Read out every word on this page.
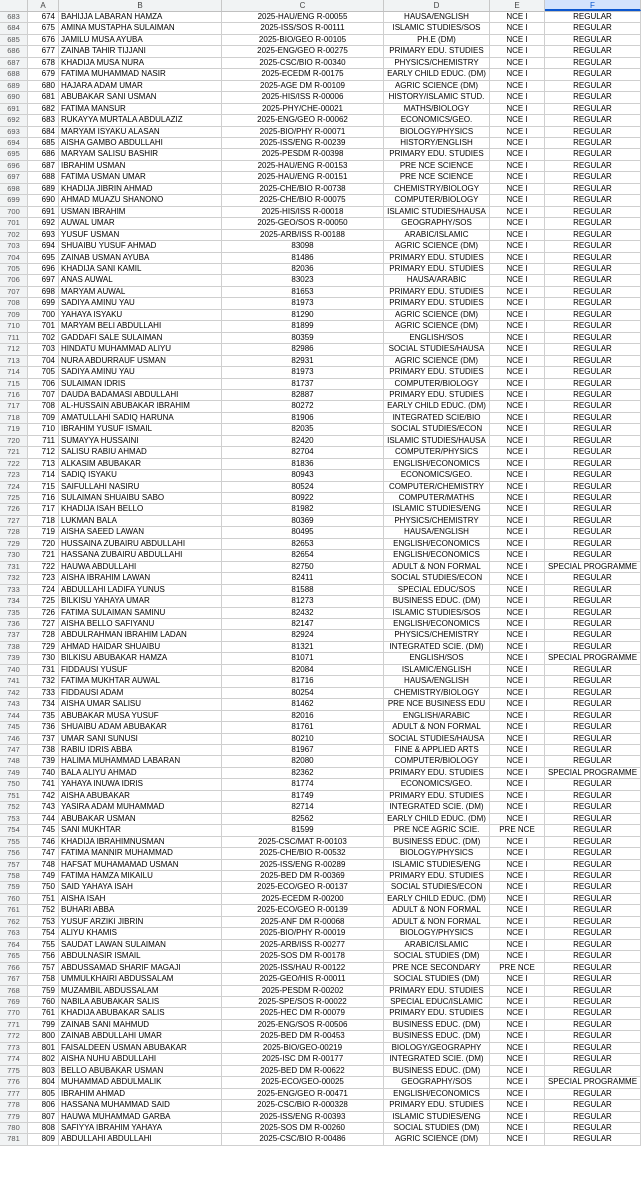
A	B	C	D	E	F
683	674 BAHIJJA LABARAN HAMZA	2025-HAU/ENG R-00055	HAUSA/ENGLISH	NCE I	REGULAR
684	675 AMINA MUSTAPHA SULAIMAN	2025-ISS/SOS R-00111	ISLAMIC STUDIES/SOS	NCE I	REGULAR
685	676 JAMILU MUSA AYUBA	2025-BIO/GEO R-00105	PH.E (DM)	NCE I	REGULAR
686	677 ZAINAB TAHIR TIJJANI	2025-ENG/GEO R-00275	PRIMARY EDU. STUDIES	NCE I	REGULAR
687	678 KHADIJA MUSA NURA	2025-CSC/BIO R-00340	PHYSICS/CHEMISTRY	NCE I	REGULAR
688	679 FATIMA MUHAMMAD NASIR	2025-ECEDM R-00175	EARLY CHILD EDUC. (DM)	NCE I	REGULAR
689	680 HAJARA ADAM UMAR	2025-AGE DM R-00109	AGRIC SCIENCE (DM)	NCE I	REGULAR
690	681 ABUBAKAR SANI USMAN	2025-HIS/ISS R-00006	HISTORY/ISLAMIC STUD.	NCE I	REGULAR
691	682 FATIMA MANSUR	2025-PHY/CHE-00021	MATHS/BIOLOGY	NCE I	REGULAR
692	683 RUKAYYA MURTALA ABDULAZIZ	2025-ENG/GEO R-00062	ECONOMICS/GEO.	NCE I	REGULAR
693	684 MARYAM ISYAKU ALASAN	2025-BIO/PHY R-00071	BIOLOGY/PHYSICS	NCE I	REGULAR
694	685 AISHA GAMBO ABDULLAHI	2025-ISS/ENG R-00239	HISTORY/ENGLISH	NCE I	REGULAR
695	686 MARYAM SALISU BASHIR	2025-PESDM R-00398	PRIMARY EDU. STUDIES	NCE I	REGULAR
696	687 IBRAHIM USMAN	2025-HAU/ENG R-00153	PRE NCE SCIENCE	NCE I	REGULAR
697	688 FATIMA USMAN UMAR	2025-HAU/ENG R-00151	PRE NCE SCIENCE	NCE I	REGULAR
698	689 KHADIJA JIBRIN AHMAD	2025-CHE/BIO R-00738	CHEMISTRY/BIOLOGY	NCE I	REGULAR
699	690 AHMAD MUAZU SHANONO	2025-CHE/BIO R-00075	COMPUTER/BIOLOGY	NCE I	REGULAR
700	691 USMAN IBRAHIM	2025-HIS/ISS R-00018	ISLAMIC STUDIES/HAUSA	NCE I	REGULAR
701	692 AUWAL UMAR	2025-GEO/SOS R-00050	GEOGRAPHY/SOS	NCE I	REGULAR
702	693 YUSUF USMAN	2025-ARB/ISS R-00188	ARABIC/ISLAMIC	NCE I	REGULAR
703	694 SHUAIBU YUSUF AHMAD	83098	AGRIC SCIENCE (DM)	NCE I	REGULAR
704	695 ZAINAB USMAN AYUBA	81486	PRIMARY EDU. STUDIES	NCE I	REGULAR
705	696 KHADIJA SANI KAMIL	82036	PRIMARY EDU. STUDIES	NCE I	REGULAR
706	697 ANAS AUWAL	83023	HAUSA/ARABIC	NCE I	REGULAR
707	698 MARYAM AUWAL	81653	PRIMARY EDU. STUDIES	NCE I	REGULAR
708	699 SADIYA AMINU YAU	81973	PRIMARY EDU. STUDIES	NCE I	REGULAR
709	700 YAHAYA ISYAKU	81290	AGRIC SCIENCE (DM)	NCE I	REGULAR
710	701 MARYAM BELI ABDULLAHI	81899	AGRIC SCIENCE (DM)	NCE I	REGULAR
711	702 GADDAFI SALE SULAIMAN	80359	ENGLISH/SOS	NCE I	REGULAR
712	703 HINDATU MUHAMMAD ALIYU	82986	SOCIAL STUDIES/HAUSA	NCE I	REGULAR
713	704 NURA ABDURRAUF USMAN	82931	AGRIC SCIENCE (DM)	NCE I	REGULAR
714	705 SADIYA AMINU YAU	81973	PRIMARY EDU. STUDIES	NCE I	REGULAR
715	706 SULAIMAN IDRIS	81737	COMPUTER/BIOLOGY	NCE I	REGULAR
716	707 DAUDA BADAMASI ABDULLAHI	82887	PRIMARY EDU. STUDIES	NCE I	REGULAR
717	708 AL-HUSSAIN ABUBAKAR IBRAHIM	80272	EARLY CHILD EDUC. (DM)	NCE I	REGULAR
718	709 AMATULLAHI SADIQ HARUNA	81906	INTEGRATED SCIE/BIO	NCE I	REGULAR
719	710 IBRAHIM YUSUF ISMAIL	82035	SOCIAL STUDIES/ECON	NCE I	REGULAR
720	711 SUMAYYA HUSSAINI	82420	ISLAMIC STUDIES/HAUSA	NCE I	REGULAR
721	712 SALISU RABIU AHMAD	82704	COMPUTER/PHYSICS	NCE I	REGULAR
722	713 ALKASIM ABUBAKAR	81836	ENGLISH/ECONOMICS	NCE I	REGULAR
723	714 SADIQ ISYAKU	80943	ECONOMICS/GEO.	NCE I	REGULAR
724	715 SAIFULLAHI NASIRU	80524	COMPUTER/CHEMISTRY	NCE I	REGULAR
725	716 SULAIMAN SHUAIBU SABO	80922	COMPUTER/MATHS	NCE I	REGULAR
726	717 KHADIJA ISAH BELLO	81982	ISLAMIC STUDIES/ENG	NCE I	REGULAR
727	718 LUKMAN BALA	80369	PHYSICS/CHEMISTRY	NCE I	REGULAR
728	719 AISHA SAEED LAWAN	80495	HAUSA/ENGLISH	NCE I	REGULAR
729	720 HUSSAINA ZUBAIRU ABDULLAHI	82653	ENGLISH/ECONOMICS	NCE I	REGULAR
730	721 HASSANA ZUBAIRU ABDULLAHI	82654	ENGLISH/ECONOMICS	NCE I	REGULAR
731	722 HAUWA ABDULLAHI	82750	ADULT & NON FORMAL	NCE I	SPECIAL PROGRAMME
732	723 AISHA IBRAHIM LAWAN	82411	SOCIAL STUDIES/ECON	NCE I	REGULAR
733	724 ABDULLAHI LADIFA YUNUS	81588	SPECIAL EDUC/SOS	NCE I	REGULAR
734	725 BILKISU YAHAYA UMAR	81273	BUSINESS EDUC. (DM)	NCE I	REGULAR
735	726 FATIMA SULAIMAN SAMINU	82432	ISLAMIC STUDIES/SOS	NCE I	REGULAR
736	727 AISHA BELLO SAFIYANU	82147	ENGLISH/ECONOMICS	NCE I	REGULAR
737	728 ABDULRAHMAN IBRAHIM LADAN	82924	PHYSICS/CHEMISTRY	NCE I	REGULAR
738	729 AHMAD HAIDAR SHUAIBU	81321	INTEGRATED SCIE. (DM)	NCE I	REGULAR
739	730 BILKISU ABUBAKAR HAMZA	81071	ENGLISH/SOS	NCE I	SPECIAL PROGRAMME
740	731 FIDDAUSI YUSUF	82084	ISLAMIC/ENGLISH	NCE I	REGULAR
741	732 FATIMA MUKHTAR AUWAL	81716	HAUSA/ENGLISH	NCE I	REGULAR
742	733 FIDDAUSI ADAM	80254	CHEMISTRY/BIOLOGY	NCE I	REGULAR
743	734 AISHA UMAR SALISU	81462	PRE NCE BUSINESS EDU	NCE I	REGULAR
744	735 ABUBAKAR MUSA YUSUF	82016	ENGLISH/ARABIC	NCE I	REGULAR
745	736 SHUAIBU ADAM ABUBAKAR	81761	ADULT & NON FORMAL	NCE I	REGULAR
746	737 UMAR SANI SUNUSI	80210	SOCIAL STUDIES/HAUSA	NCE I	REGULAR
747	738 RABIU IDRIS ABBA	81967	FINE & APPLIED ARTS	NCE I	REGULAR
748	739 HALIMA MUHAMMAD LABARAN	82080	COMPUTER/BIOLOGY	NCE I	REGULAR
749	740 BALA ALIYU AHMAD	82362	PRIMARY EDU. STUDIES	NCE I	SPECIAL PROGRAMME
750	741 YAHAYA INUWA IDRIS	81774	ECONOMICS/GEO.	NCE I	REGULAR
751	742 AISHA ABUBAKAR	81749	PRIMARY EDU. STUDIES	NCE I	REGULAR
752	743 YASIRA ADAM MUHAMMAD	82714	INTEGRATED SCIE. (DM)	NCE I	REGULAR
753	744 ABUBAKAR USMAN	82562	EARLY CHILD EDUC. (DM)	NCE I	REGULAR
754	745 SANI MUKHTAR	81599	PRE NCE AGRIC SCIE.	PRE NCE	REGULAR
755	746 KHADIJA IBRAHIMNUSMAN	2025-CSC/MAT R-00103	BUSINESS EDUC. (DM)	NCE I	REGULAR
756	747 FATIMA MANNIR MUHAMMAD	2025-CHE/BIO R-00532	BIOLOGY/PHYSICS	NCE I	REGULAR
757	748 HAFSAT MUHAMAMAD USMAN	2025-ISS/ENG R-00289	ISLAMIC STUDIES/ENG	NCE I	REGULAR
758	749 FATIMA HAMZA MIKAILU	2025-BED DM R-00369	PRIMARY EDU. STUDIES	NCE I	REGULAR
759	750 SAID YAHAYA ISAH	2025-ECO/GEO R-00137	SOCIAL STUDIES/ECON	NCE I	REGULAR
760	751 AISHA ISAH	2025-ECEDM R-00200	EARLY CHILD EDUC. (DM)	NCE I	REGULAR
761	752 BUHARI ABBA	2025-ECO/GEO R-00139	ADULT & NON FORMAL	NCE I	REGULAR
762	753 YUSUF ARZIKI JIBRIN	2025-ANF DM R-00068	ADULT & NON FORMAL	NCE I	REGULAR
763	754 ALIYU KHAMIS	2025-BIO/PHY R-00019	BIOLOGY/PHYSICS	NCE I	REGULAR
764	755 SAUDAT LAWAN SULAIMAN	2025-ARB/ISS R-00277	ARABIC/ISLAMIC	NCE I	REGULAR
765	756 ABDULNASIR ISMAIL	2025-SOS DM R-00178	SOCIAL STUDIES (DM)	NCE I	REGULAR
766	757 ABDUSSAMAD SHARIF MAGAJI	2025-ISS/HAU R-00122	PRE NCE SECONDARY	PRE NCE	REGULAR
767	758 UMMULKHAIRI ABDUSSALAM	2025-GEO/HIS R-00011	SOCIAL STUDIES (DM)	NCE I	REGULAR
768	759 MUZAMBIL ABDUSSALAM	2025-PESDM R-00202	PRIMARY EDU. STUDIES	NCE I	REGULAR
769	760 NABILA ABUBAKAR SALIS	2025-SPE/SOS R-00022	SPECIAL EDUC/ISLAMIC	NCE I	REGULAR
770	761 KHADIJA ABUBAKAR SALIS	2025-HEC DM R-00079	PRIMARY EDU. STUDIES	NCE I	REGULAR
771	799 ZAINAB SANI MAHMUD	2025-ENG/SOS R-00506	BUSINESS EDUC. (DM)	NCE I	REGULAR
772	800 ZAINAB ABDULLAHI UMAR	2025-BED DM R-00453	BUSINESS EDUC. (DM)	NCE I	REGULAR
773	801 FAISALDEEN USMAN ABUBAKAR	2025-BIO/GEO-00219	BIOLOGY/GEOGRAPHY	NCE I	REGULAR
774	802 AISHA NUHU ABDULLAHI	2025-ISC DM R-00177	INTEGRATED SCIE. (DM)	NCE I	REGULAR
775	803 BELLO ABUBAKAR USMAN	2025-BED DM R-00622	BUSINESS EDUC. (DM)	NCE I	REGULAR
776	804 MUHAMMAD ABDULMALIK	2025-ECO/GEO-00025	GEOGRAPHY/SOS	NCE I	SPECIAL PROGRAMME
777	805 IBRAHIM AHMAD	2025-ENG/GEO R-00471	ENGLISH/ECONOMICS	NCE I	REGULAR
778	806 HASSANA MUHAMMAD SAID	2025-CSC/BIO R-000328	PRIMARY EDU. STUDIES	NCE I	REGULAR
779	807 HAUWA MUHAMMAD GARBA	2025-ISS/ENG R-00393	ISLAMIC STUDIES/ENG	NCE I	REGULAR
780	808 SAFIYYA IBRAHIM YAHAYA	2025-SOS DM R-00260	SOCIAL STUDIES (DM)	NCE I	REGULAR
781	809 ABDULLAHI ABDULLAHI	2025-CSC/BIO R-00486	AGRIC SCIENCE (DM)	NCE I	REGULAR
